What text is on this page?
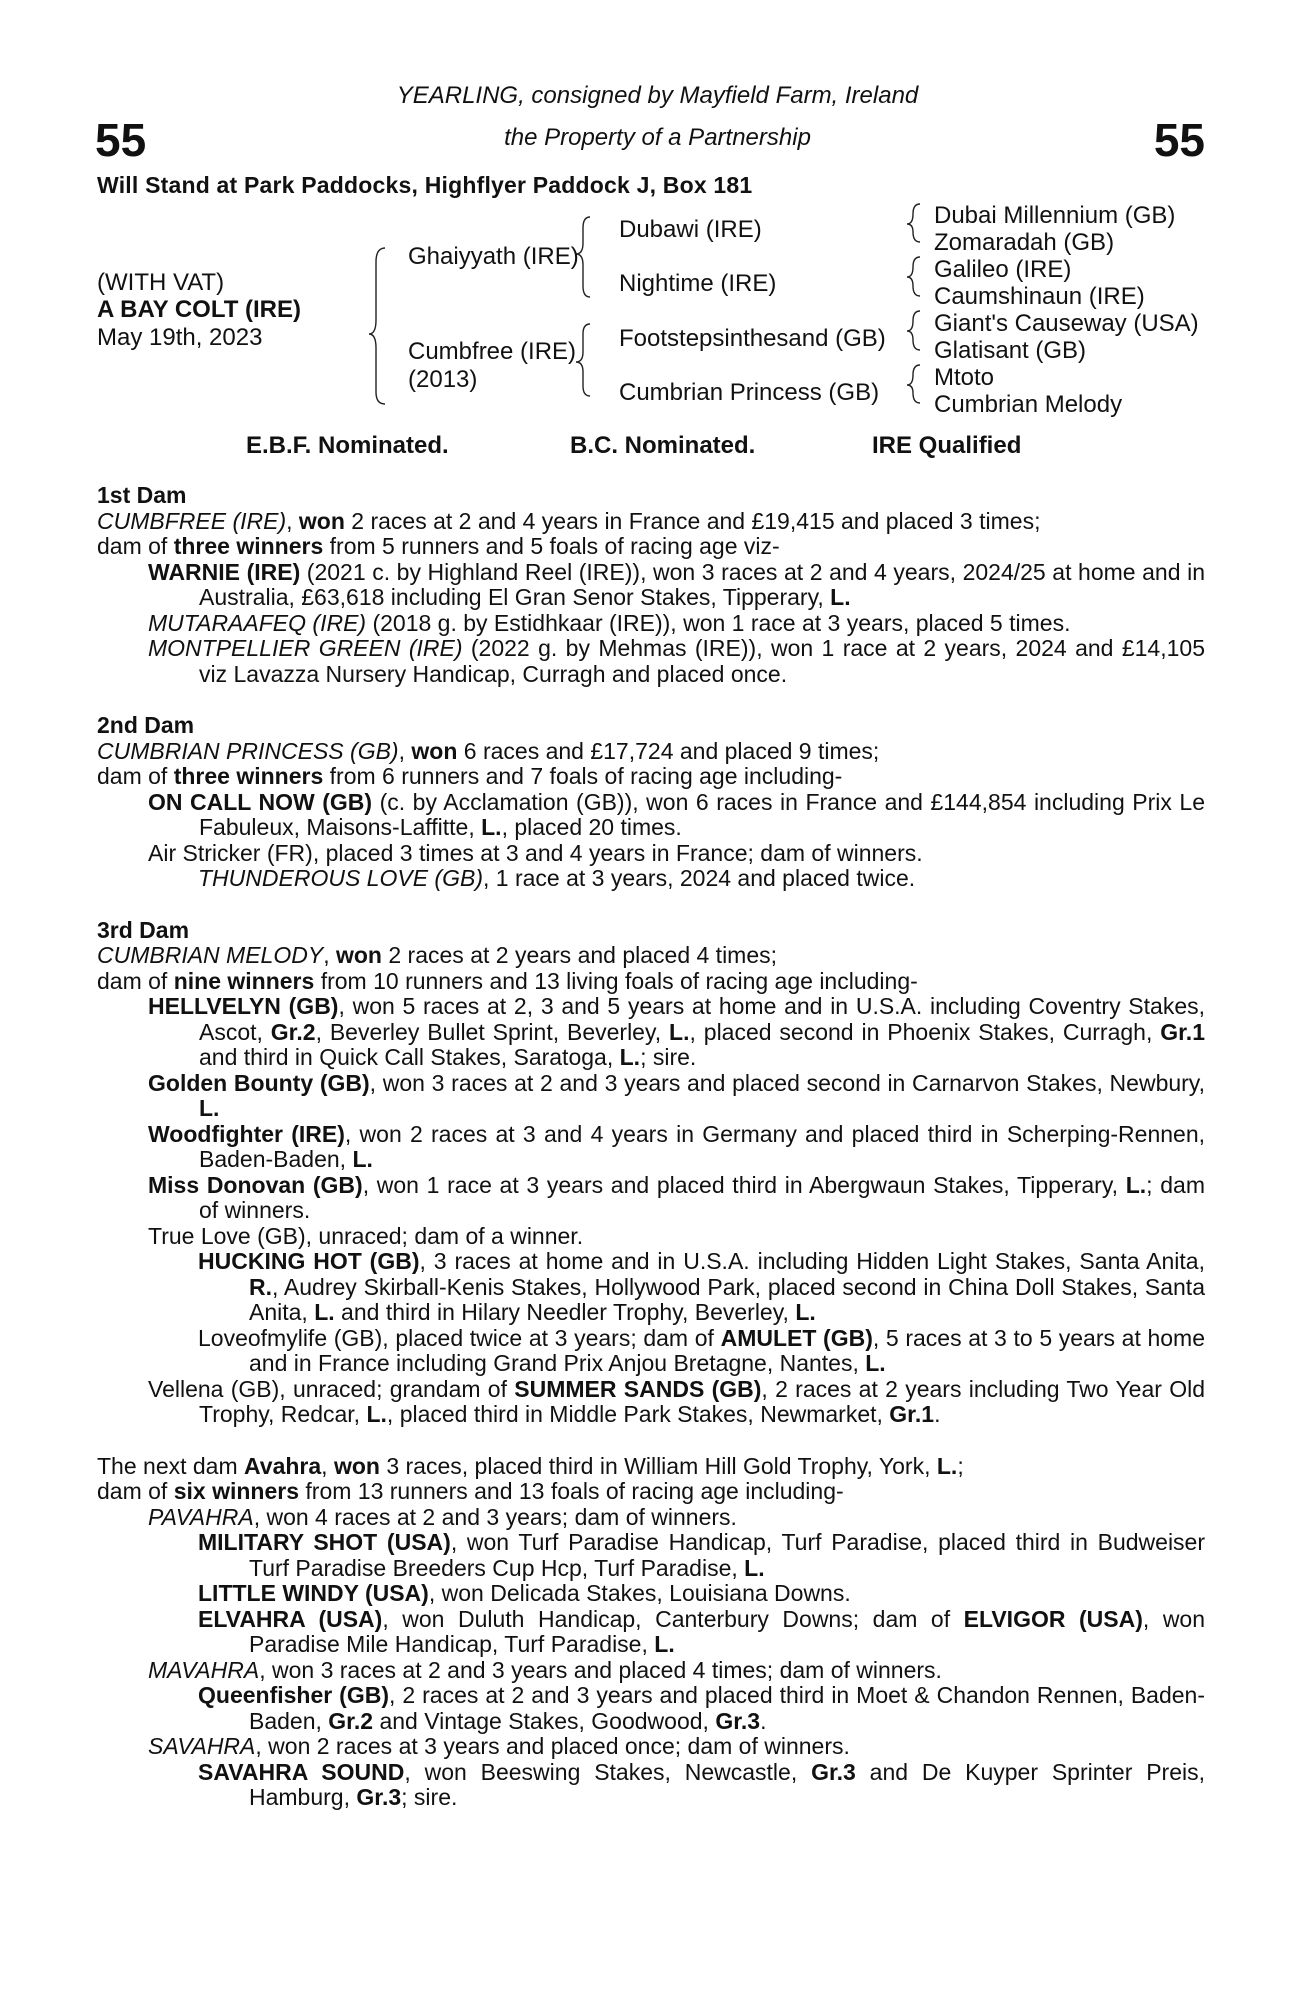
55	55
YEARLING, consigned by Mayfield Farm, Ireland
the Property of a Partnership
Will Stand at Park Paddocks, Highflyer Paddock J, Box 181
(WITH VAT)
A BAY COLT (IRE)
May 19th, 2023
Ghaiyyath (IRE)
Cumbfree (IRE)
(2013)
Dubawi (IRE)
Nightime (IRE)
Footstepsinthesand (GB)
Cumbrian Princess (GB)
Dubai Millennium (GB)
Zomaradah (GB)
Galileo (IRE)
Caumshinaun (IRE)
Giant's Causeway (USA)
Glatisant (GB)
Mtoto
Cumbrian Melody
E.B.F. Nominated.	B.C. Nominated.	IRE Qualified

1st Dam

CUMBFREE (IRE), won 2 races at 2 and 4 years in France and £19,415 and placed 3 times;

dam of three winners from 5 runners and 5 foals of racing age viz-

WARNIE (IRE) (2021 c. by Highland Reel (IRE)), won 3 races at 2 and 4 years, 2024/25 at home and in Australia, £63,618 including El Gran Senor Stakes, Tipperary, L.

MUTARAAFEQ (IRE) (2018 g. by Estidhkaar (IRE)), won 1 race at 3 years, placed 5 times.

MONTPELLIER GREEN (IRE) (2022 g. by Mehmas (IRE)), won 1 race at 2 years, 2024 and £14,105 viz Lavazza Nursery Handicap, Curragh and placed once.

2nd Dam

CUMBRIAN PRINCESS (GB), won 6 races and £17,724 and placed 9 times;

dam of three winners from 6 runners and 7 foals of racing age including-

ON CALL NOW (GB) (c. by Acclamation (GB)), won 6 races in France and £144,854 including Prix Le Fabuleux, Maisons-Laffitte, L., placed 20 times.

Air Stricker (FR), placed 3 times at 3 and 4 years in France; dam of winners.

THUNDEROUS LOVE (GB), 1 race at 3 years, 2024 and placed twice.

3rd Dam

CUMBRIAN MELODY, won 2 races at 2 years and placed 4 times;

dam of nine winners from 10 runners and 13 living foals of racing age including-

HELLVELYN (GB), won 5 races at 2, 3 and 5 years at home and in U.S.A. including Coventry Stakes, Ascot, Gr.2, Beverley Bullet Sprint, Beverley, L., placed second in Phoenix Stakes, Curragh, Gr.1 and third in Quick Call Stakes, Saratoga, L.; sire.

Golden Bounty (GB), won 3 races at 2 and 3 years and placed second in Carnarvon Stakes, Newbury, L.

Woodfighter (IRE), won 2 races at 3 and 4 years in Germany and placed third in Scherping-Rennen, Baden-Baden, L.

Miss Donovan (GB), won 1 race at 3 years and placed third in Abergwaun Stakes, Tipperary, L.; dam of winners.

True Love (GB), unraced; dam of a winner.

HUCKING HOT (GB), 3 races at home and in U.S.A. including Hidden Light Stakes, Santa Anita, R., Audrey Skirball-Kenis Stakes, Hollywood Park, placed second in China Doll Stakes, Santa Anita, L. and third in Hilary Needler Trophy, Beverley, L.

Loveofmylife (GB), placed twice at 3 years; dam of AMULET (GB), 5 races at 3 to 5 years at home and in France including Grand Prix Anjou Bretagne, Nantes, L.

Vellena (GB), unraced; grandam of SUMMER SANDS (GB), 2 races at 2 years including Two Year Old Trophy, Redcar, L., placed third in Middle Park Stakes, Newmarket, Gr.1.

The next dam Avahra, won 3 races, placed third in William Hill Gold Trophy, York, L.;

dam of six winners from 13 runners and 13 foals of racing age including-

PAVAHRA, won 4 races at 2 and 3 years; dam of winners.

MILITARY SHOT (USA), won Turf Paradise Handicap, Turf Paradise, placed third in Budweiser Turf Paradise Breeders Cup Hcp, Turf Paradise, L.

LITTLE WINDY (USA), won Delicada Stakes, Louisiana Downs.

ELVAHRA (USA), won Duluth Handicap, Canterbury Downs; dam of ELVIGOR (USA), won Paradise Mile Handicap, Turf Paradise, L.

MAVAHRA, won 3 races at 2 and 3 years and placed 4 times; dam of winners.

Queenfisher (GB), 2 races at 2 and 3 years and placed third in Moet & Chandon Rennen, Baden-Baden, Gr.2 and Vintage Stakes, Goodwood, Gr.3.

SAVAHRA, won 2 races at 3 years and placed once; dam of winners.

SAVAHRA SOUND, won Beeswing Stakes, Newcastle, Gr.3 and De Kuyper Sprinter Preis, Hamburg, Gr.3; sire.
